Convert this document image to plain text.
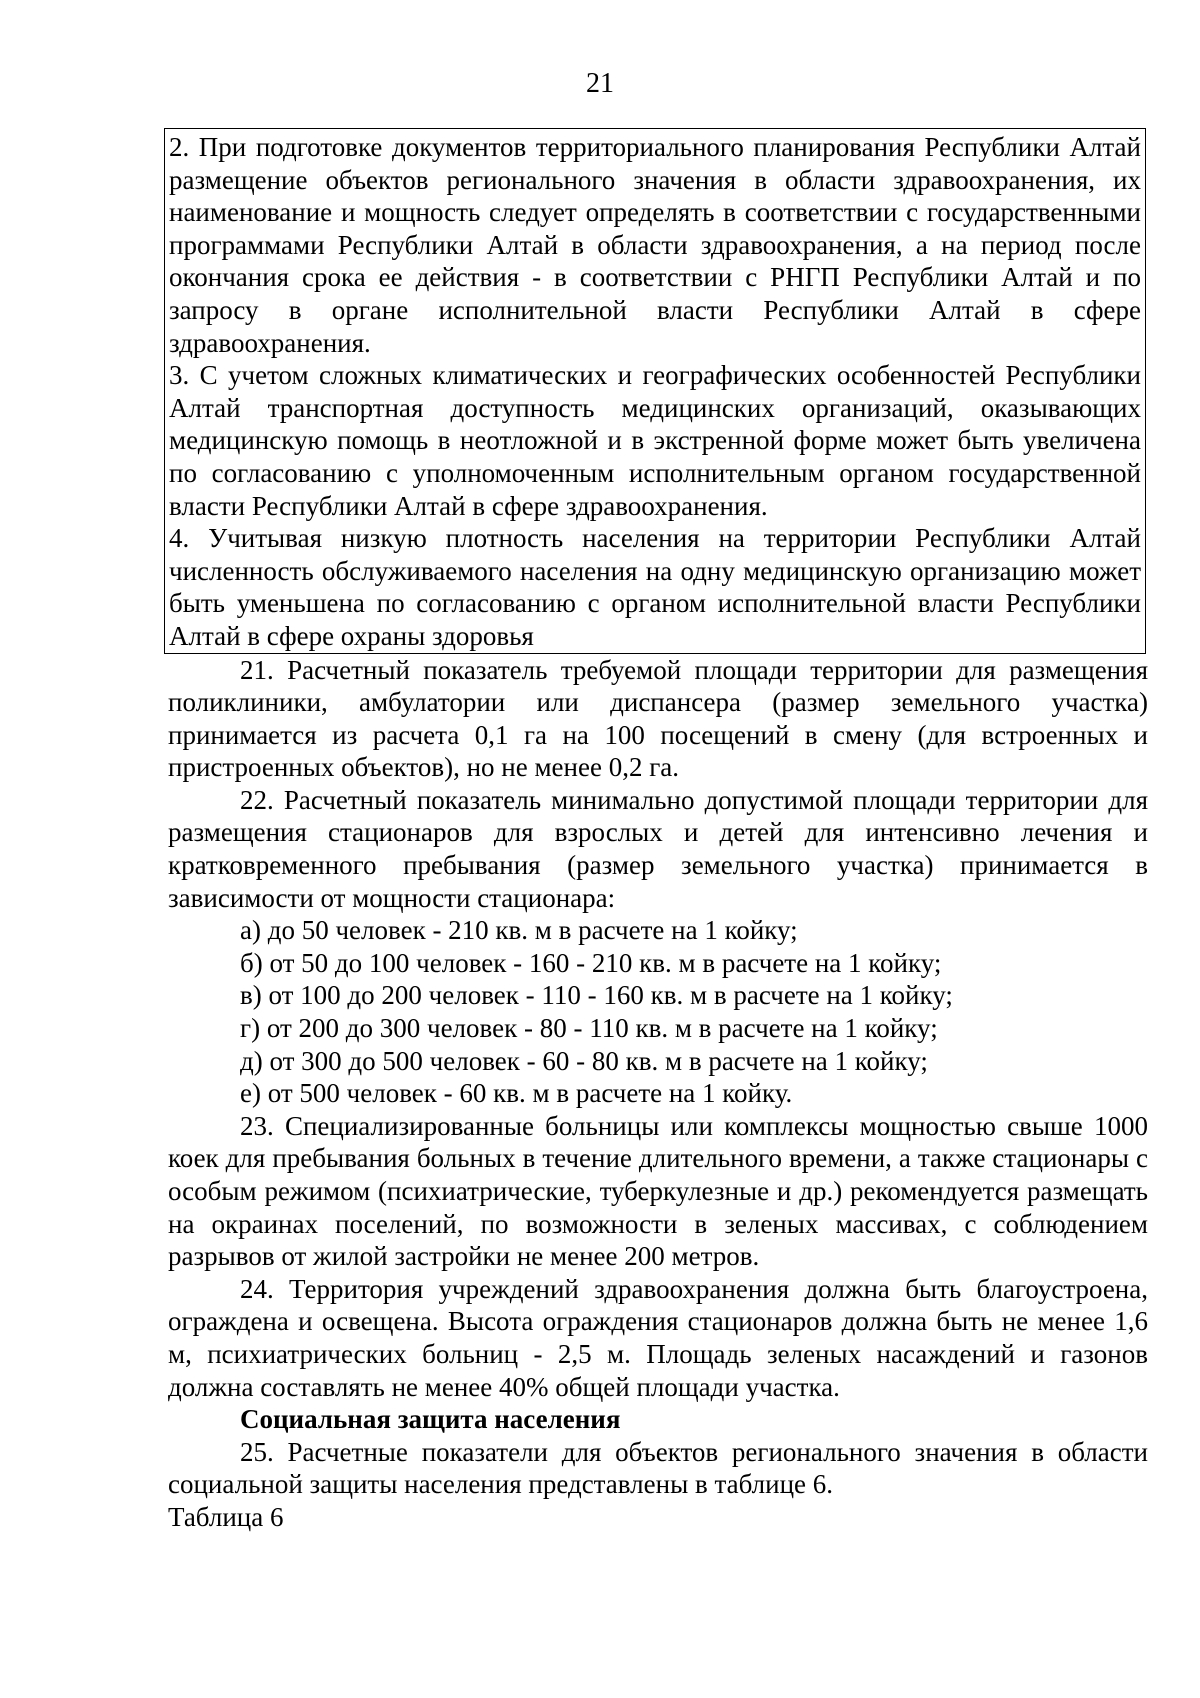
21

2. При подготовке документов территориального планирования Республики Алтай размещение объектов регионального значения в области здравоохранения, их наименование и мощность следует определять в соответствии с государственными программами Республики Алтай в области здравоохранения, а на период после окончания срока ее действия - в соответствии с РНГП Республики Алтай и по запросу в органе исполнительной власти Республики Алтай в сфере здравоохранения.

3. С учетом сложных климатических и географических особенностей Республики Алтай транспортная доступность медицинских организаций, оказывающих медицинскую помощь в неотложной и в экстренной форме может быть увеличена по согласованию с уполномоченным исполнительным органом государственной власти Республики Алтай в сфере здравоохранения.

4. Учитывая низкую плотность населения на территории Республики Алтай численность обслуживаемого населения на одну медицинскую организацию может быть уменьшена по согласованию с органом исполнительной власти Республики Алтай в сфере охраны здоровья

21. Расчетный показатель требуемой площади территории для размещения поликлиники, амбулатории или диспансера (размер земельного участка) принимается из расчета 0,1 га на 100 посещений в смену (для встроенных и пристроенных объектов), но не менее 0,2 га.

22. Расчетный показатель минимально допустимой площади территории для размещения стационаров для взрослых и детей для интенсивно лечения и кратковременного пребывания (размер земельного участка) принимается в зависимости от мощности стационара:

а) до 50 человек - 210 кв. м в расчете на 1 койку;

б) от 50 до 100 человек - 160 - 210 кв. м в расчете на 1 койку;

в) от 100 до 200 человек - 110 - 160 кв. м в расчете на 1 койку;

г) от 200 до 300 человек - 80 - 110 кв. м в расчете на 1 койку;

д) от 300 до 500 человек - 60 - 80 кв. м в расчете на 1 койку;

е) от 500 человек - 60 кв. м в расчете на 1 койку.

23. Специализированные больницы или комплексы мощностью свыше 1000 коек для пребывания больных в течение длительного времени, а также стационары с особым режимом (психиатрические, туберкулезные и др.) рекомендуется размещать на окраинах поселений, по возможности в зеленых массивах, с соблюдением разрывов от жилой застройки не менее 200 метров.

24. Территория учреждений здравоохранения должна быть благоустроена, ограждена и освещена. Высота ограждения стационаров должна быть не менее 1,6 м, психиатрических больниц - 2,5 м. Площадь зеленых насаждений и газонов должна составлять не менее 40% общей площади участка.

Социальная защита населения

25. Расчетные показатели для объектов регионального значения в области социальной защиты населения представлены в таблице 6.

Таблица 6
